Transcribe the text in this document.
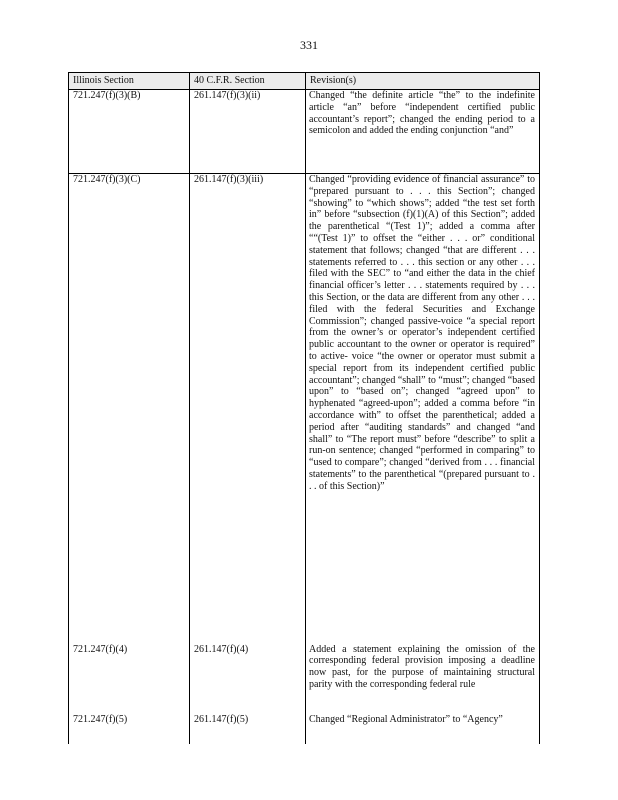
331
Illinois Section	40 C.F.R. Section	Revision(s)
721.247(f)(3)(B)	261.147(f)(3)(ii)	Changed “the definite article “the” to the indefinite article “an” before “independent certified public accountant’s report”; changed the ending period to a semicolon and added the ending conjunction “and”
721.247(f)(3)(C)	261.147(f)(3)(iii)	Changed “providing evidence of financial assurance” to “prepared pursuant to . . . this Section”; changed “showing” to “which shows”; added “the test set forth in” before “subsection (f)(1)(A) of this Section”; added the parenthetical “(Test 1)”; added a comma after ““(Test 1)” to offset the “either . . . or” conditional statement that follows; changed “that are different . . . statements referred to . . . this section or any other . . . filed with the SEC” to “and either the data in the chief financial officer’s letter . . . statements required by . . . this Section, or the data are different from any other . . . filed with the federal Securities and Exchange Commission”; changed passive-voice “a special report from the owner’s or operator’s independent certified public accountant to the owner or operator is required” to active- voice “the owner or operator must submit a special report from its independent certified public accountant”; changed “shall” to “must”; changed “based upon” to “based on”; changed “agreed upon” to hyphenated “agreed-upon”; added a comma before “in accordance with” to offset the parenthetical; added a period after “auditing standards” and changed “and shall” to “The report must” before “describe” to split a run-on sentence; changed “performed in comparing” to “used to compare”; changed “derived from . . . financial statements” to the parenthetical “(prepared pursuant to . . . of this Section)”
721.247(f)(4)	261.147(f)(4)	Added a statement explaining the omission of the corresponding federal provision imposing a deadline now past, for the purpose of maintaining structural parity with the corresponding federal rule
721.247(f)(5)	261.147(f)(5)	Changed “Regional Administrator” to “Agency”
